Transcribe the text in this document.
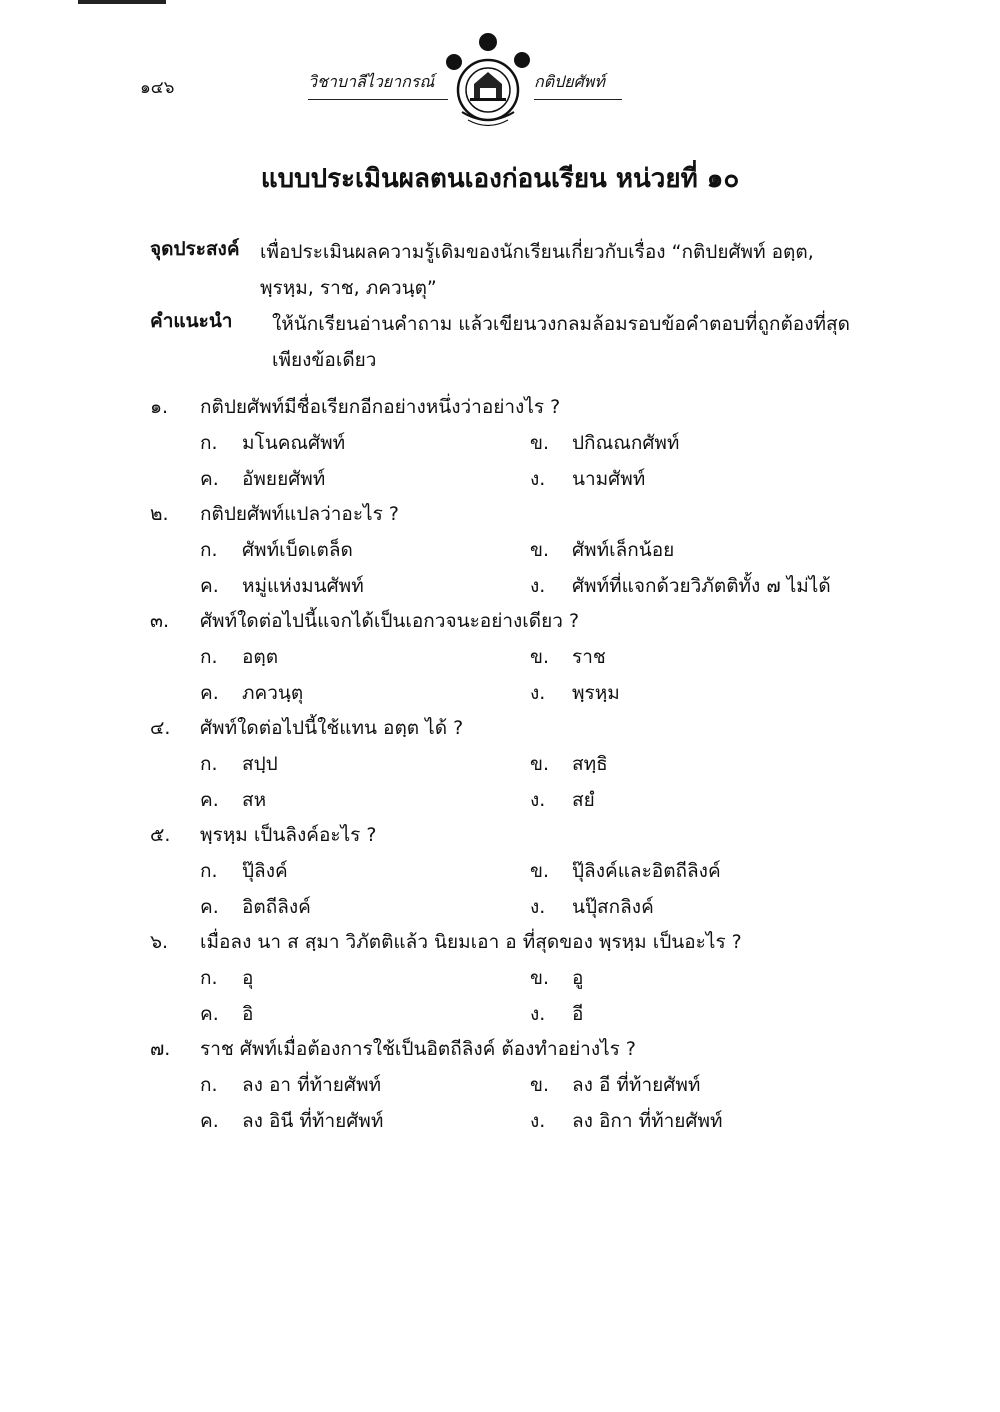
๑๔๖	วิชาบาลีไวยากรณ์	กติปยศัพท์
แบบประเมินผลตนเองก่อนเรียน หน่วยที่ ๑๐
จุดประสงค์ เพื่อประเมินผลความรู้เดิมของนักเรียนเกี่ยวกับเรื่อง “กติปยศัพท์ อตฺต, พฺรหฺม, ราช, ภควนฺตุ”
คำแนะนำ ให้นักเรียนอ่านคำถาม แล้วเขียนวงกลมล้อมรอบข้อคำตอบที่ถูกต้องที่สุดเพียงข้อเดียว
๑. กติปยศัพท์มีชื่อเรียกอีกอย่างหนึ่งว่าอย่างไร ?
ก. มโนคณศัพท์	ข. ปกิณณกศัพท์
ค. อัพยยศัพท์	ง. นามศัพท์
๒. กติปยศัพท์แปลว่าอะไร ?
ก. ศัพท์เบ็ดเตล็ด	ข. ศัพท์เล็กน้อย
ค. หมู่แห่งมนศัพท์	ง. ศัพท์ที่แจกด้วยวิภัตติทั้ง ๗ ไม่ได้
๓. ศัพท์ใดต่อไปนี้แจกได้เป็นเอกวจนะอย่างเดียว ?
ก. อตฺต	ข. ราช
ค. ภควนฺตุ	ง. พฺรหฺม
๔. ศัพท์ใดต่อไปนี้ใช้แทน อตฺต ได้ ?
ก. สปฺป	ข. สทฺธิ
ค. สห	ง. สยํ
๕. พฺรหฺม เป็นลิงค์อะไร ?
ก. ปุ๊ลิงค์	ข. ปุ๊ลิงค์และอิตถีลิงค์
ค. อิตถีลิงค์	ง. นปุ๊สกลิงค์
๖. เมื่อลง นา ส สฺมา วิภัตติแล้ว นิยมเอา อ ที่สุดของ พฺรหฺม เป็นอะไร ?
ก. อุ	ข. อู
ค. อิ	ง. อี
๗. ราช ศัพท์เมื่อต้องการใช้เป็นอิตถีลิงค์ ต้องทำอย่างไร ?
ก. ลง อา ที่ท้ายศัพท์	ข. ลง อี ที่ท้ายศัพท์
ค. ลง อินี ที่ท้ายศัพท์	ง. ลง อิกา ที่ท้ายศัพท์
